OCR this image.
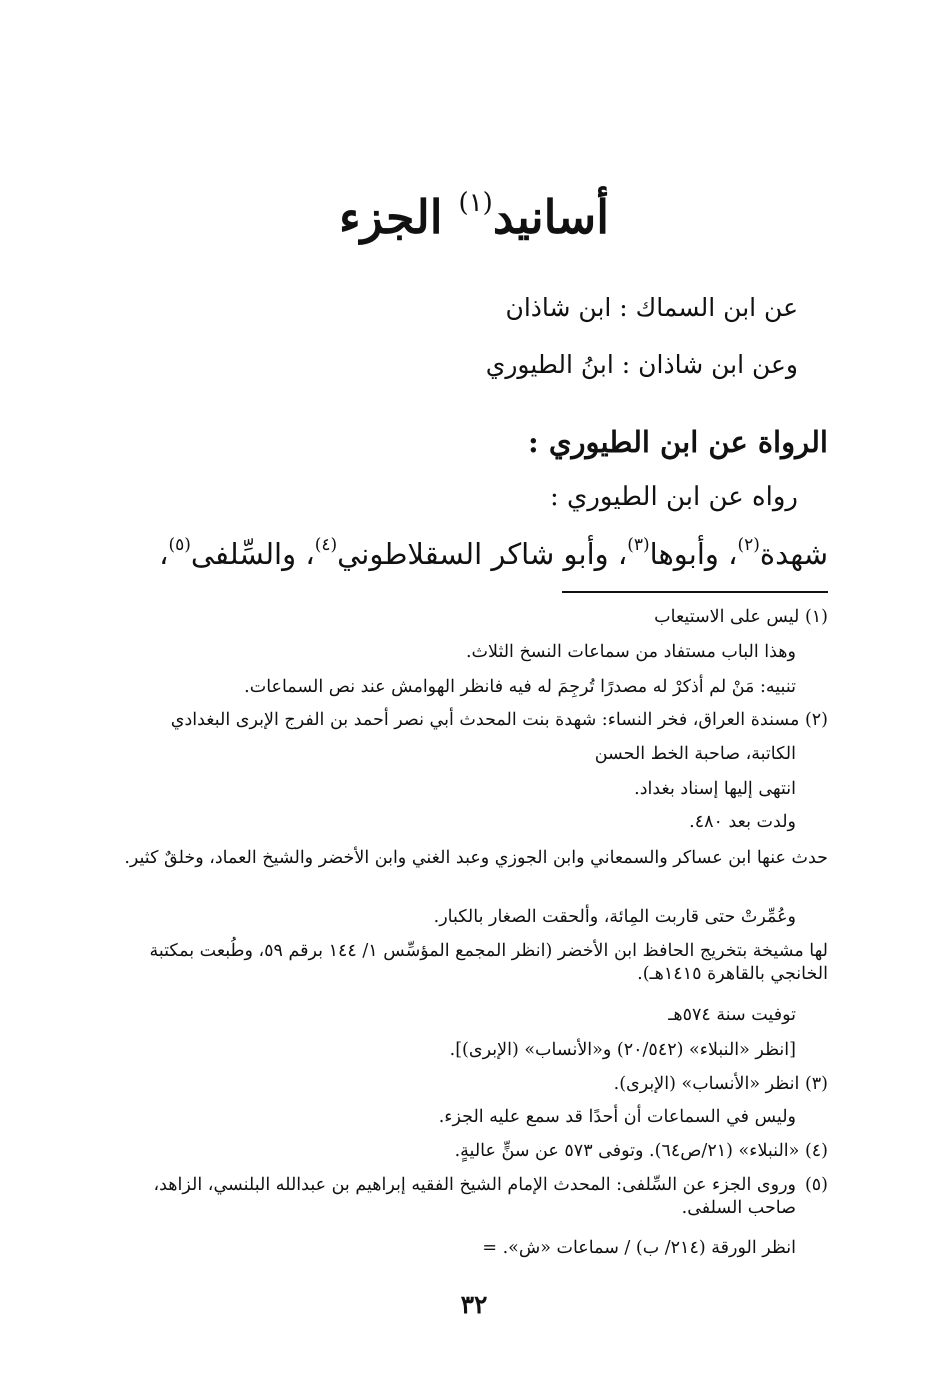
أسانيد$^{(١)}$ الجزء
عن ابن السماك : ابن شاذان
وعن ابن شاذان : ابنُ الطيوري
الرواة عن ابن الطيوري :
رواه عن ابن الطيوري :
شهدة$^{(٢)}$، وأبوها$^{(٣)}$، وأبو شاكر السقلاطوني$^{(٤)}$، والسِّلفى$^{(٥)}$،
(١) ليس على الاستيعاب
وهذا الباب مستفاد من سماعات النسخ الثلاث.
تنبيه: مَنْ لم أذكرْ له مصدرًا تُرجِمَ له فيه فانظر الهوامش عند نص السماعات.
(٢) مسندة العراق، فخر النساء: شهدة بنت المحدث أبي نصر أحمد بن الفرج الإبرى البغدادي
الكاتبة، صاحبة الخط الحسن
انتهى إليها إسناد بغداد.
ولدت بعد ٤٨٠.
حدث عنها ابن عساكر والسمعاني وابن الجوزي وعبد الغني وابن الأخضر والشيخ العماد، وخلقٌ كثير.
وعُمِّرتْ حتى قاربت المِائة، وألحقت الصغار بالكبار.
لها مشيخة بتخريج الحافظ ابن الأخضر (انظر المجمع المؤسِّس ١/ ١٤٤ برقم ٥٩، وطُبعت بمكتبة الخانجي بالقاهرة ١٤١٥هـ).
توفيت سنة ٥٧٤هـ
[انظر «النبلاء» (٢٠/٥٤٢) و«الأنساب» (الإبرى)].
(٣) انظر «الأنساب» (الإبرى).
وليس في السماعات أن أحدًا قد سمع عليه الجزء.
(٤) «النبلاء» (٢١/ص٦٤). وتوفى ٥٧٣ عن سنٍّ عاليةٍ.
(٥)
وروى الجزء عن السِّلفى: المحدث الإمام الشيخ الفقيه إبراهيم بن عبدالله البلنسي، الزاهد، صاحب السلفى.
انظر الورقة (٢١٤/ ب) / سماعات «ش». =
٣٢
